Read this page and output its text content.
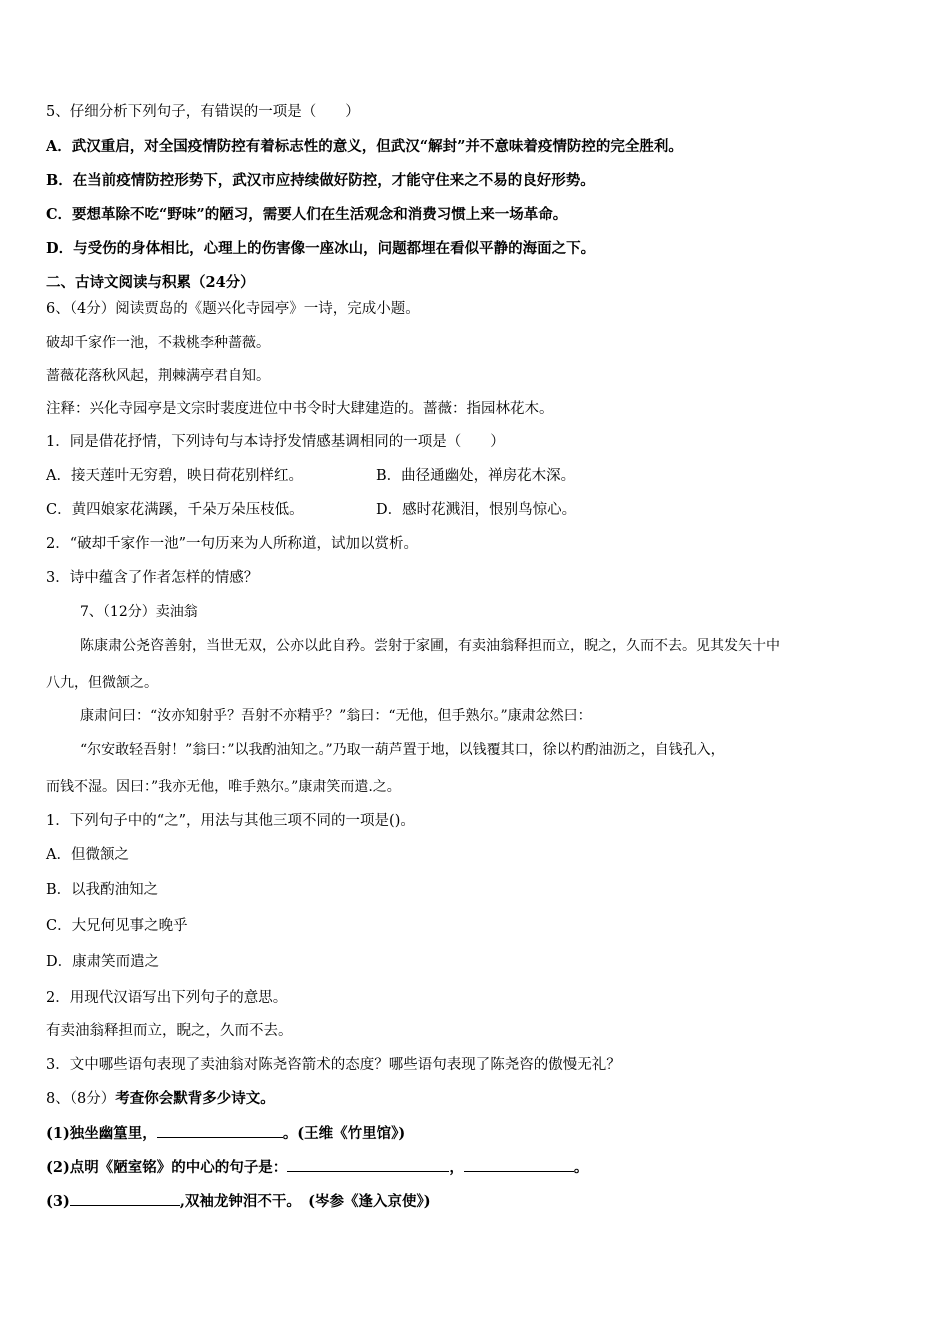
5、仔细分析下列句子，有错误的一项是（　　）
A．武汉重启，对全国疫情防控有着标志性的意义，但武汉“解封”并不意味着疫情防控的完全胜利。
B．在当前疫情防控形势下，武汉市应持续做好防控，才能守住来之不易的良好形势。
C．要想革除不吃“野味”的陋习，需要人们在生活观念和消费习惯上来一场革命。
D．与受伤的身体相比，心理上的伤害像一座冰山，问题都埋在看似平静的海面之下。
二、古诗文阅读与积累（24分）
6、（4分）阅读贾岛的《题兴化寺园亭》一诗，完成小题。
破却千家作一池，不栽桃李种蔷薇。
蔷薇花落秋风起，荆棘满亭君自知。
注释：兴化寺园亭是文宗时裴度进位中书令时大肆建造的。蔷薇：指园林花木。
1．同是借花抒情，下列诗句与本诗抒发情感基调相同的一项是（　　）
A．接天莲叶无穷碧，映日荷花别样红。	B．曲径通幽处，禅房花木深。
C．黄四娘家花满蹊，千朵万朵压枝低。	D．感时花溅泪，恨别鸟惊心。
2．“破却千家作一池”一句历来为人所称道，试加以赏析。
3．诗中蕴含了作者怎样的情感？
7、（12分）卖油翁
陈康肃公尧咨善射，当世无双，公亦以此自矜。尝射于家圃，有卖油翁释担而立，睨之，久而不去。见其发矢十中
八九，但微颔之。
康肃问曰：“汝亦知射乎？吾射不亦精乎？”翁曰：“无他，但手熟尔。”康肃忿然曰：
“尔安敢轻吾射！”翁曰：”以我酌油知之。”乃取一葫芦置于地，以钱覆其口，徐以杓酌油沥之，自钱孔入，
而钱不湿。因曰：”我亦无他，唯手熟尔。”康肃笑而遣.之。
1．下列句子中的“之”，用法与其他三项不同的一项是()。
A．但微颔之
B．以我酌油知之
C．大兄何见事之晚乎
D．康肃笑而遣之
2．用现代汉语写出下列句子的意思。
有卖油翁释担而立，睨之，久而不去。
3．文中哪些语句表现了卖油翁对陈尧咨箭术的态度？哪些语句表现了陈尧咨的傲慢无礼？
8、（8分）考查你会默背多少诗文。
(1)独坐幽篁里，	。(王维《竹里馆》)
(2)点明《陋室铭》的中心的句子是：	，	。
(3)	,双袖龙钟泪不干。　(岑参《逢入京使》)
